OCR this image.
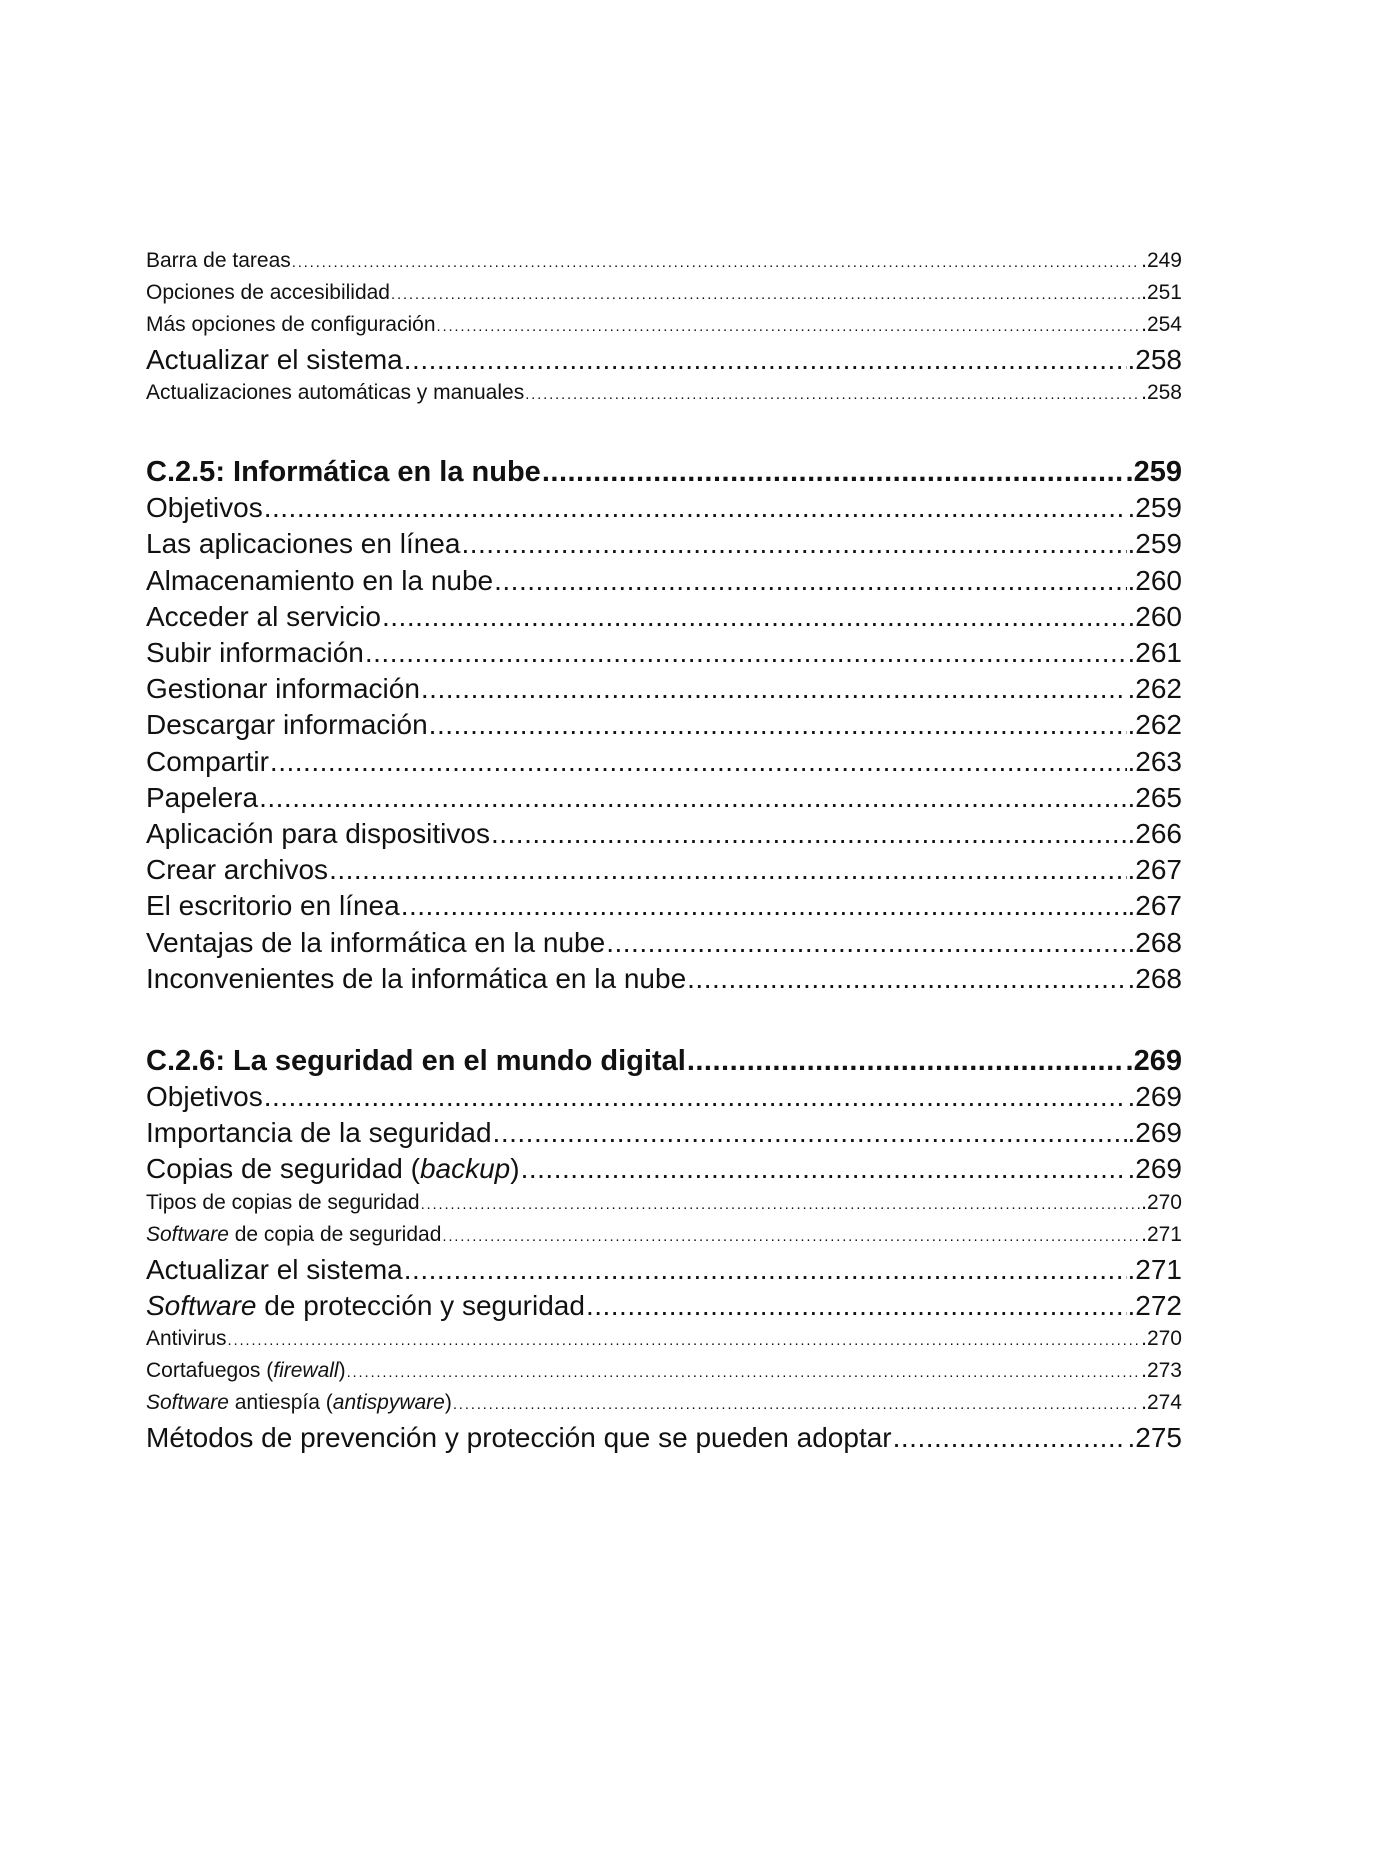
Barra de tareas .....	. 249
Opciones de accesibilidad .....	. 251
Más opciones de configuración .....	. 254
Actualizar el sistema .....	. 258
Actualizaciones automáticas y manuales .....	. 258
C.2.5: Informática en la nube .....	.259
Objetivos .....	. 259
Las aplicaciones en línea .....	. 259
Almacenamiento en la nube .....	. 260
Acceder al servicio .....	. 260
Subir información .....	. 261
Gestionar información .....	. 262
Descargar información .....	. 262
Compartir .....	. 263
Papelera .....	. 265
Aplicación para dispositivos .....	. 266
Crear archivos .....	. 267
El escritorio en línea .....	. 267
Ventajas de la informática en la nube .....	. 268
Inconvenientes de la informática en la nube .....	. 268
C.2.6: La seguridad en el mundo digital .....	.269
Objetivos .....	. 269
Importancia de la seguridad .....	. 269
Copias de seguridad (backup) .....	. 269
Tipos de copias de seguridad .....	. 270
Software de copia de seguridad .....	. 271
Actualizar el sistema .....	. 271
Software de protección y seguridad .....	. 272
Antivirus .....	. 270
Cortafuegos (firewall) .....	. 273
Software antiespía (antispyware) .....	. 274
Métodos de prevención y protección que se pueden adoptar .....	. 275
